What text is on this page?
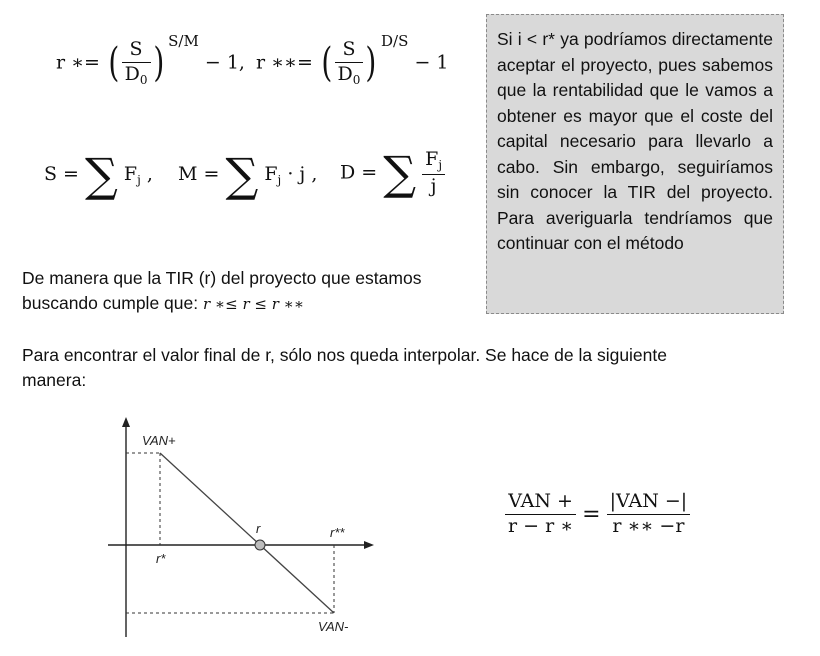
r ∗= ( $\frac{S}{D_0}$ ) $^{S/M}$ − 1, r ∗∗= ( $\frac{S}{D_0}$ ) $^{D/S}$ − 1
S = ∑ $F_j$ , M = ∑ $F_j \cdot j$ , D = ∑ $\frac{F_j}{j}$

Si i < r* ya podríamos directamente aceptar el proyecto, pues sabemos que la rentabilidad que le vamos a obtener es mayor que el coste del capital necesario para llevarlo a cabo. Sin embargo, seguiríamos sin conocer la TIR del proyecto. Para averiguarla tendríamos que continuar con el método

De manera que la TIR (r) del proyecto que estamos
buscando cumple que: r ∗≤ r ≤ r ∗∗
Para encontrar el valor final de r, sólo nos queda interpolar. Se hace de la siguiente
manera:
VAN+
r
r*
r**
VAN-
$\frac{\text{VAN +}}{r - r ∗} = \frac{\text{|VAN −|}}{r ∗∗ -r}$
